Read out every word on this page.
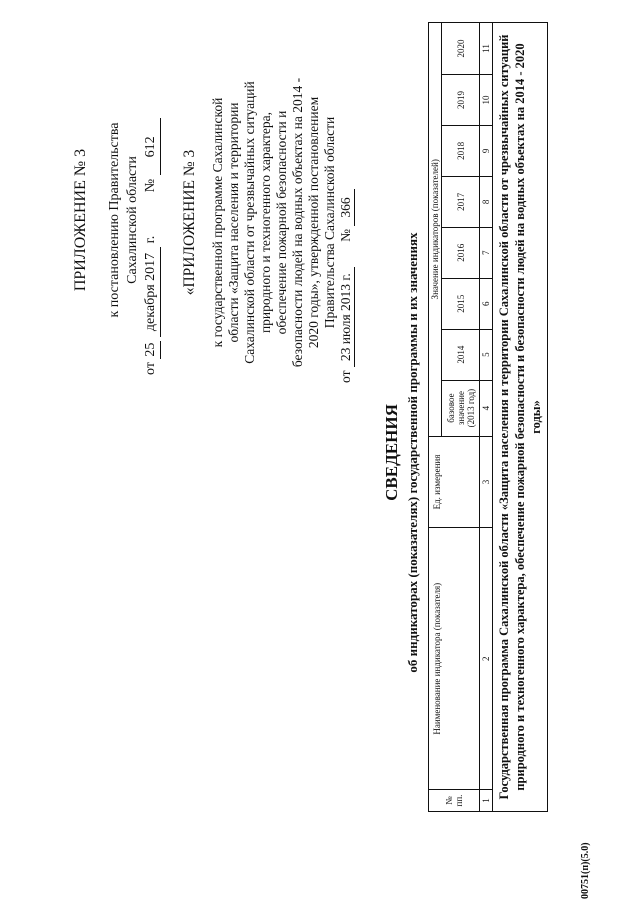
ПРИЛОЖЕНИЕ № 3 к постановлению Правительства Сахалинской области
от 25 декабря 2017 г. № 612
«ПРИЛОЖЕНИЕ № 3 к государственной программе Сахалинской области «Защита населения и территории Сахалинской области от чрезвычайных ситуаций природного и техногенного характера, обеспечение пожарной безопасности и безопасности людей на водных объектах на 2014 - 2020 годы», утвержденной постановлением Правительства Сахалинской области
от 23 июля 2013 г. № 366
СВЕДЕНИЯ об индикаторах (показателях) государственной программы и их значениях
№ пп.	Наименование индикатора (показателя)	Ед. измерения	Значение индикаторов (показателей)							
			базовое значение (2013 год)	2014	2015	2016	2017	2018	2019	2020
1	2	3	4	5	6	7	8	9	10	11
Государственная программа Сахалинской области «Защита населения и территории Сахалинской области от чрезвычайных ситуаций природного и техногенного характера, обеспечение пожарной безопасности и безопасности людей на водных объектах на 2014 - 2020 годы»										
00751(п)(5.0)
